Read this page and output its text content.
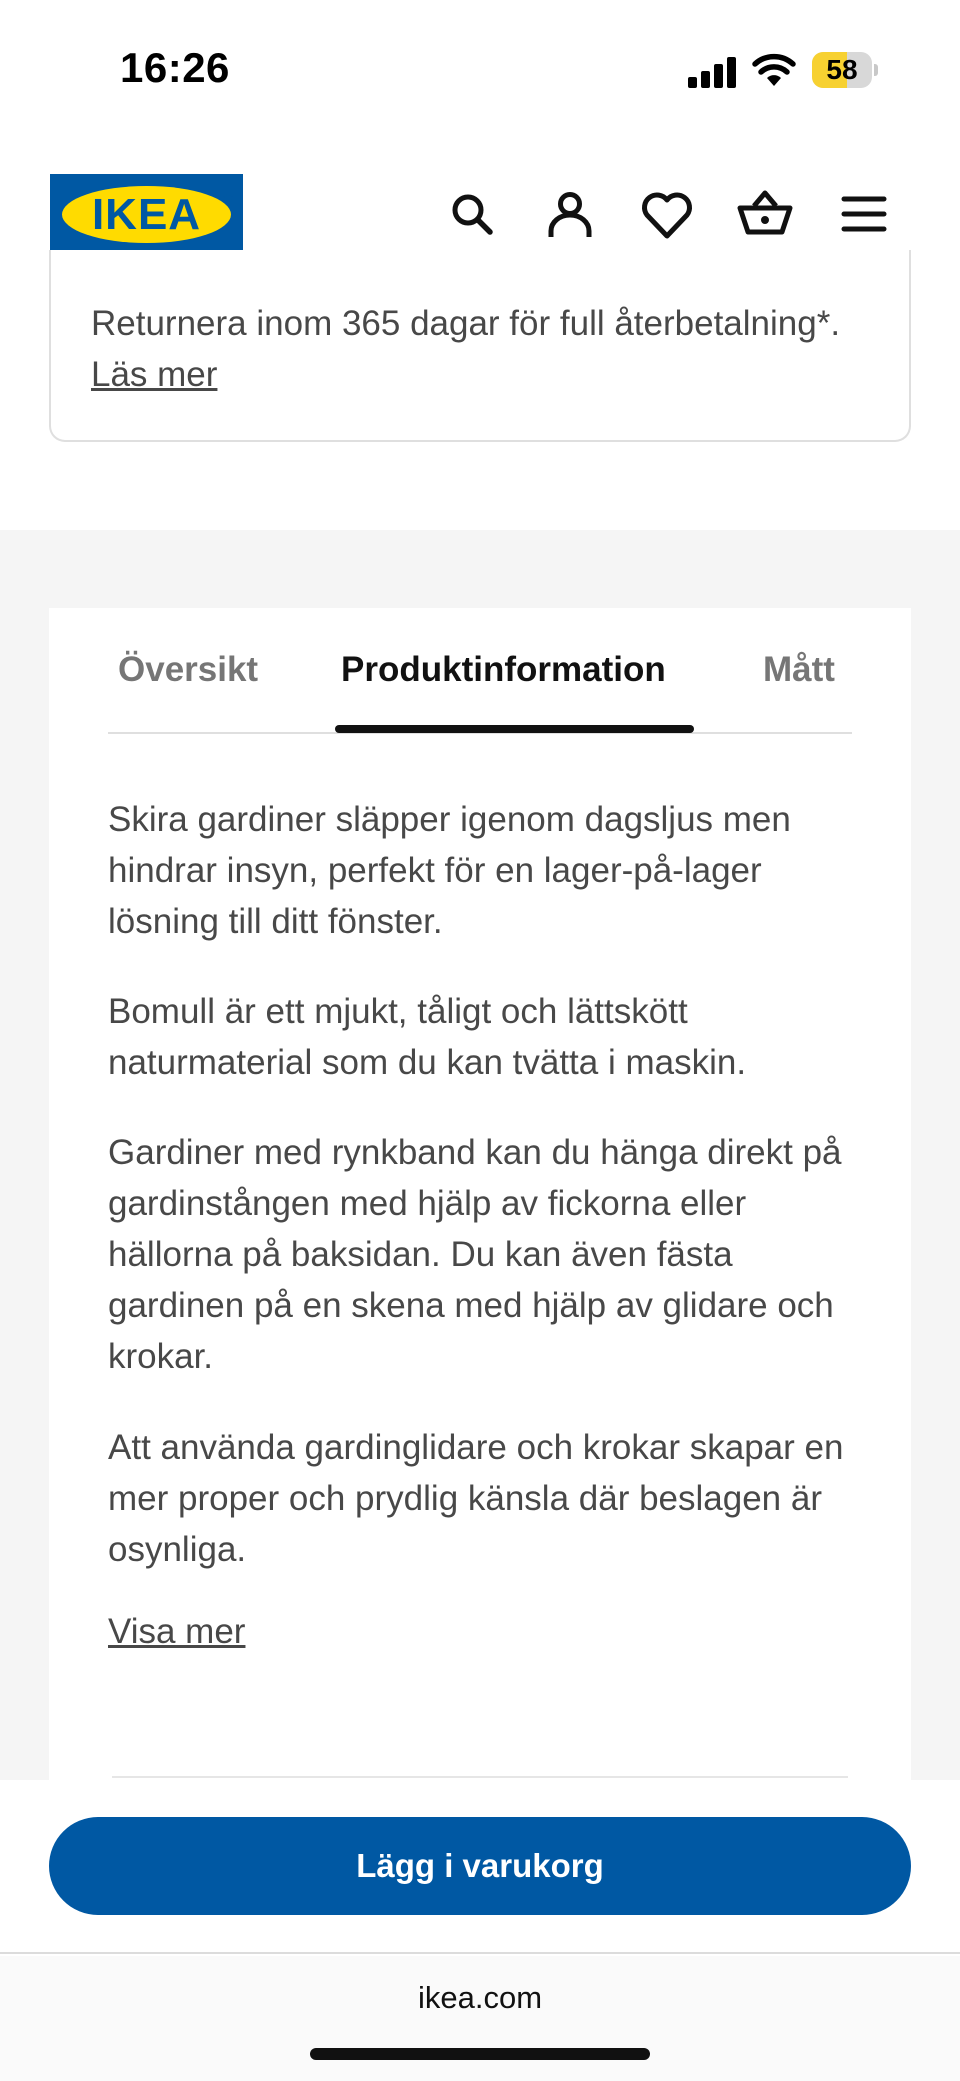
16:26	58
IKEA
Returnera inom 365 dagar för full återbetalning*. Läs mer
Översikt Produktinformation	Mått

Skira gardiner släpper igenom dagsljus men hindrar insyn, perfekt för en lager-på-lager lösning till ditt fönster.

Bomull är ett mjukt, tåligt och lättskött naturmaterial som du kan tvätta i maskin.

Gardiner med rynkband kan du hänga direkt på gardinstången med hjälp av fickorna eller hällorna på baksidan. Du kan även fästa gardinen på en skena med hjälp av glidare och krokar.

Att använda gardinglidare och krokar skapar en mer proper och prydlig känsla där beslagen är osynliga.

Visa mer
Lägg i varukorg
ikea.com
